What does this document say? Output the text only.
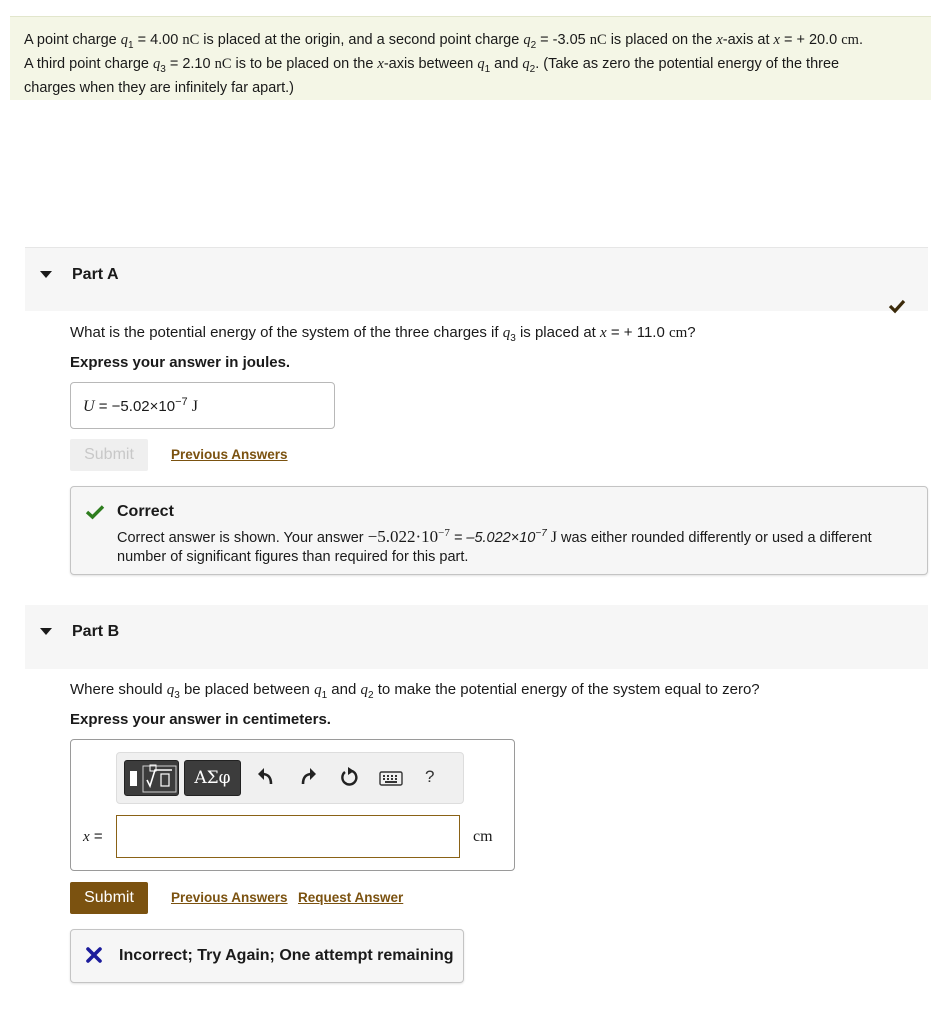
A point charge $q_1 = 4.00$ nC is placed at the origin, and a second point charge $q_2 = -3.05$ nC is placed on the x-axis at x = + 20.0 cm.
A third point charge $q_3 = 2.10$ nC is to be placed on the x-axis between $q_1$ and $q_2$. (Take as zero the potential energy of the three
charges when they are infinitely far apart.)
Part A
What is the potential energy of the system of the three charges if $q_3$ is placed at x = + 11.0 cm?
Express your answer in joules.
$U = -5.02\times 10^{-7}$ J
Submit	Previous Answers
Correct
Correct answer is shown. Your answer $-5.022\cdot 10^{-7} = -5.022\times 10^{-7}$ J was either rounded differently or used a different
number of significant figures than required for this part.
Part B
Where should $q_3$ be placed between $q_1$ and $q_2$ to make the potential energy of the system equal to zero?
Express your answer in centimeters.
ΑΣφ	?
x =	cm
Submit	Previous Answers Request Answer
Incorrect; Try Again; One attempt remaining
